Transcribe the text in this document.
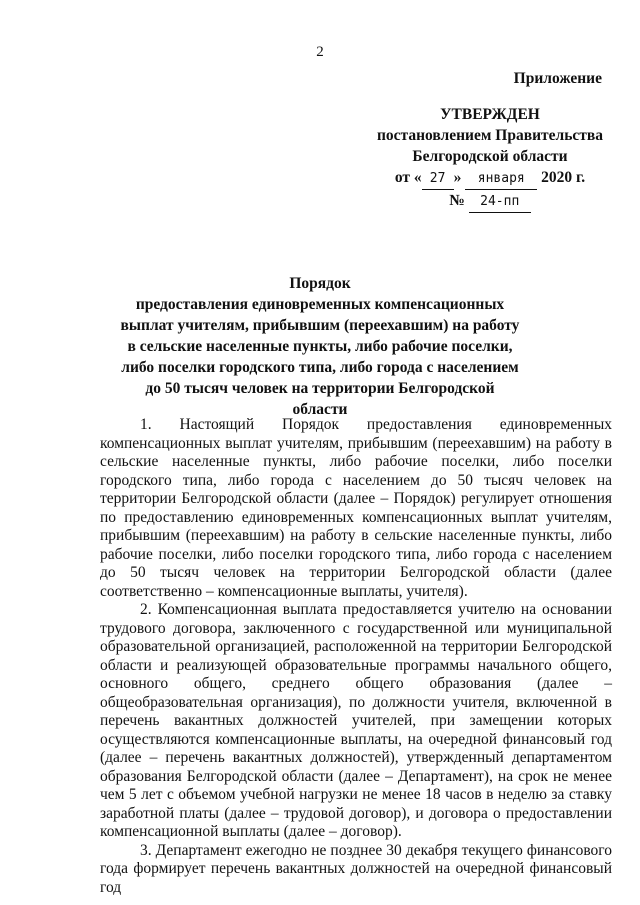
2
Приложение
УТВЕРЖДЕН
постановлением Правительства
Белгородской области
от « 27 » января 2020 г.
№ 24-пп
Порядок
предоставления единовременных компенсационных
выплат учителям, прибывшим (переехавшим) на работу
в сельские населенные пункты, либо рабочие поселки,
либо поселки городского типа, либо города с населением
до 50 тысяч человек на территории Белгородской области

1. Настоящий Порядок предоставления единовременных компенсационных выплат учителям, прибывшим (переехавшим) на работу в сельские населенные пункты, либо рабочие поселки, либо поселки городского типа, либо города с населением до 50 тысяч человек на территории Белгородской области (далее – Порядок) регулирует отношения по предоставлению единовременных компенсационных выплат учителям, прибывшим (переехавшим) на работу в сельские населенные пункты, либо рабочие поселки, либо поселки городского типа, либо города с населением до 50 тысяч человек на территории Белгородской области (далее соответственно – компенсационные выплаты, учителя).

2. Компенсационная выплата предоставляется учителю на основании трудового договора, заключенного с государственной или муниципальной образовательной организацией, расположенной на территории Белгородской области и реализующей образовательные программы начального общего, основного общего, среднего общего образования (далее – общеобразовательная организация), по должности учителя, включенной в перечень вакантных должностей учителей, при замещении которых осуществляются компенсационные выплаты, на очередной финансовый год (далее – перечень вакантных должностей), утвержденный департаментом образования Белгородской области (далее – Департамент), на срок не менее чем 5 лет с объемом учебной нагрузки не менее 18 часов в неделю за ставку заработной платы (далее – трудовой договор), и договора о предоставлении компенсационной выплаты (далее – договор).

3. Департамент ежегодно не позднее 30 декабря текущего финансового года формирует перечень вакантных должностей на очередной финансовый год
